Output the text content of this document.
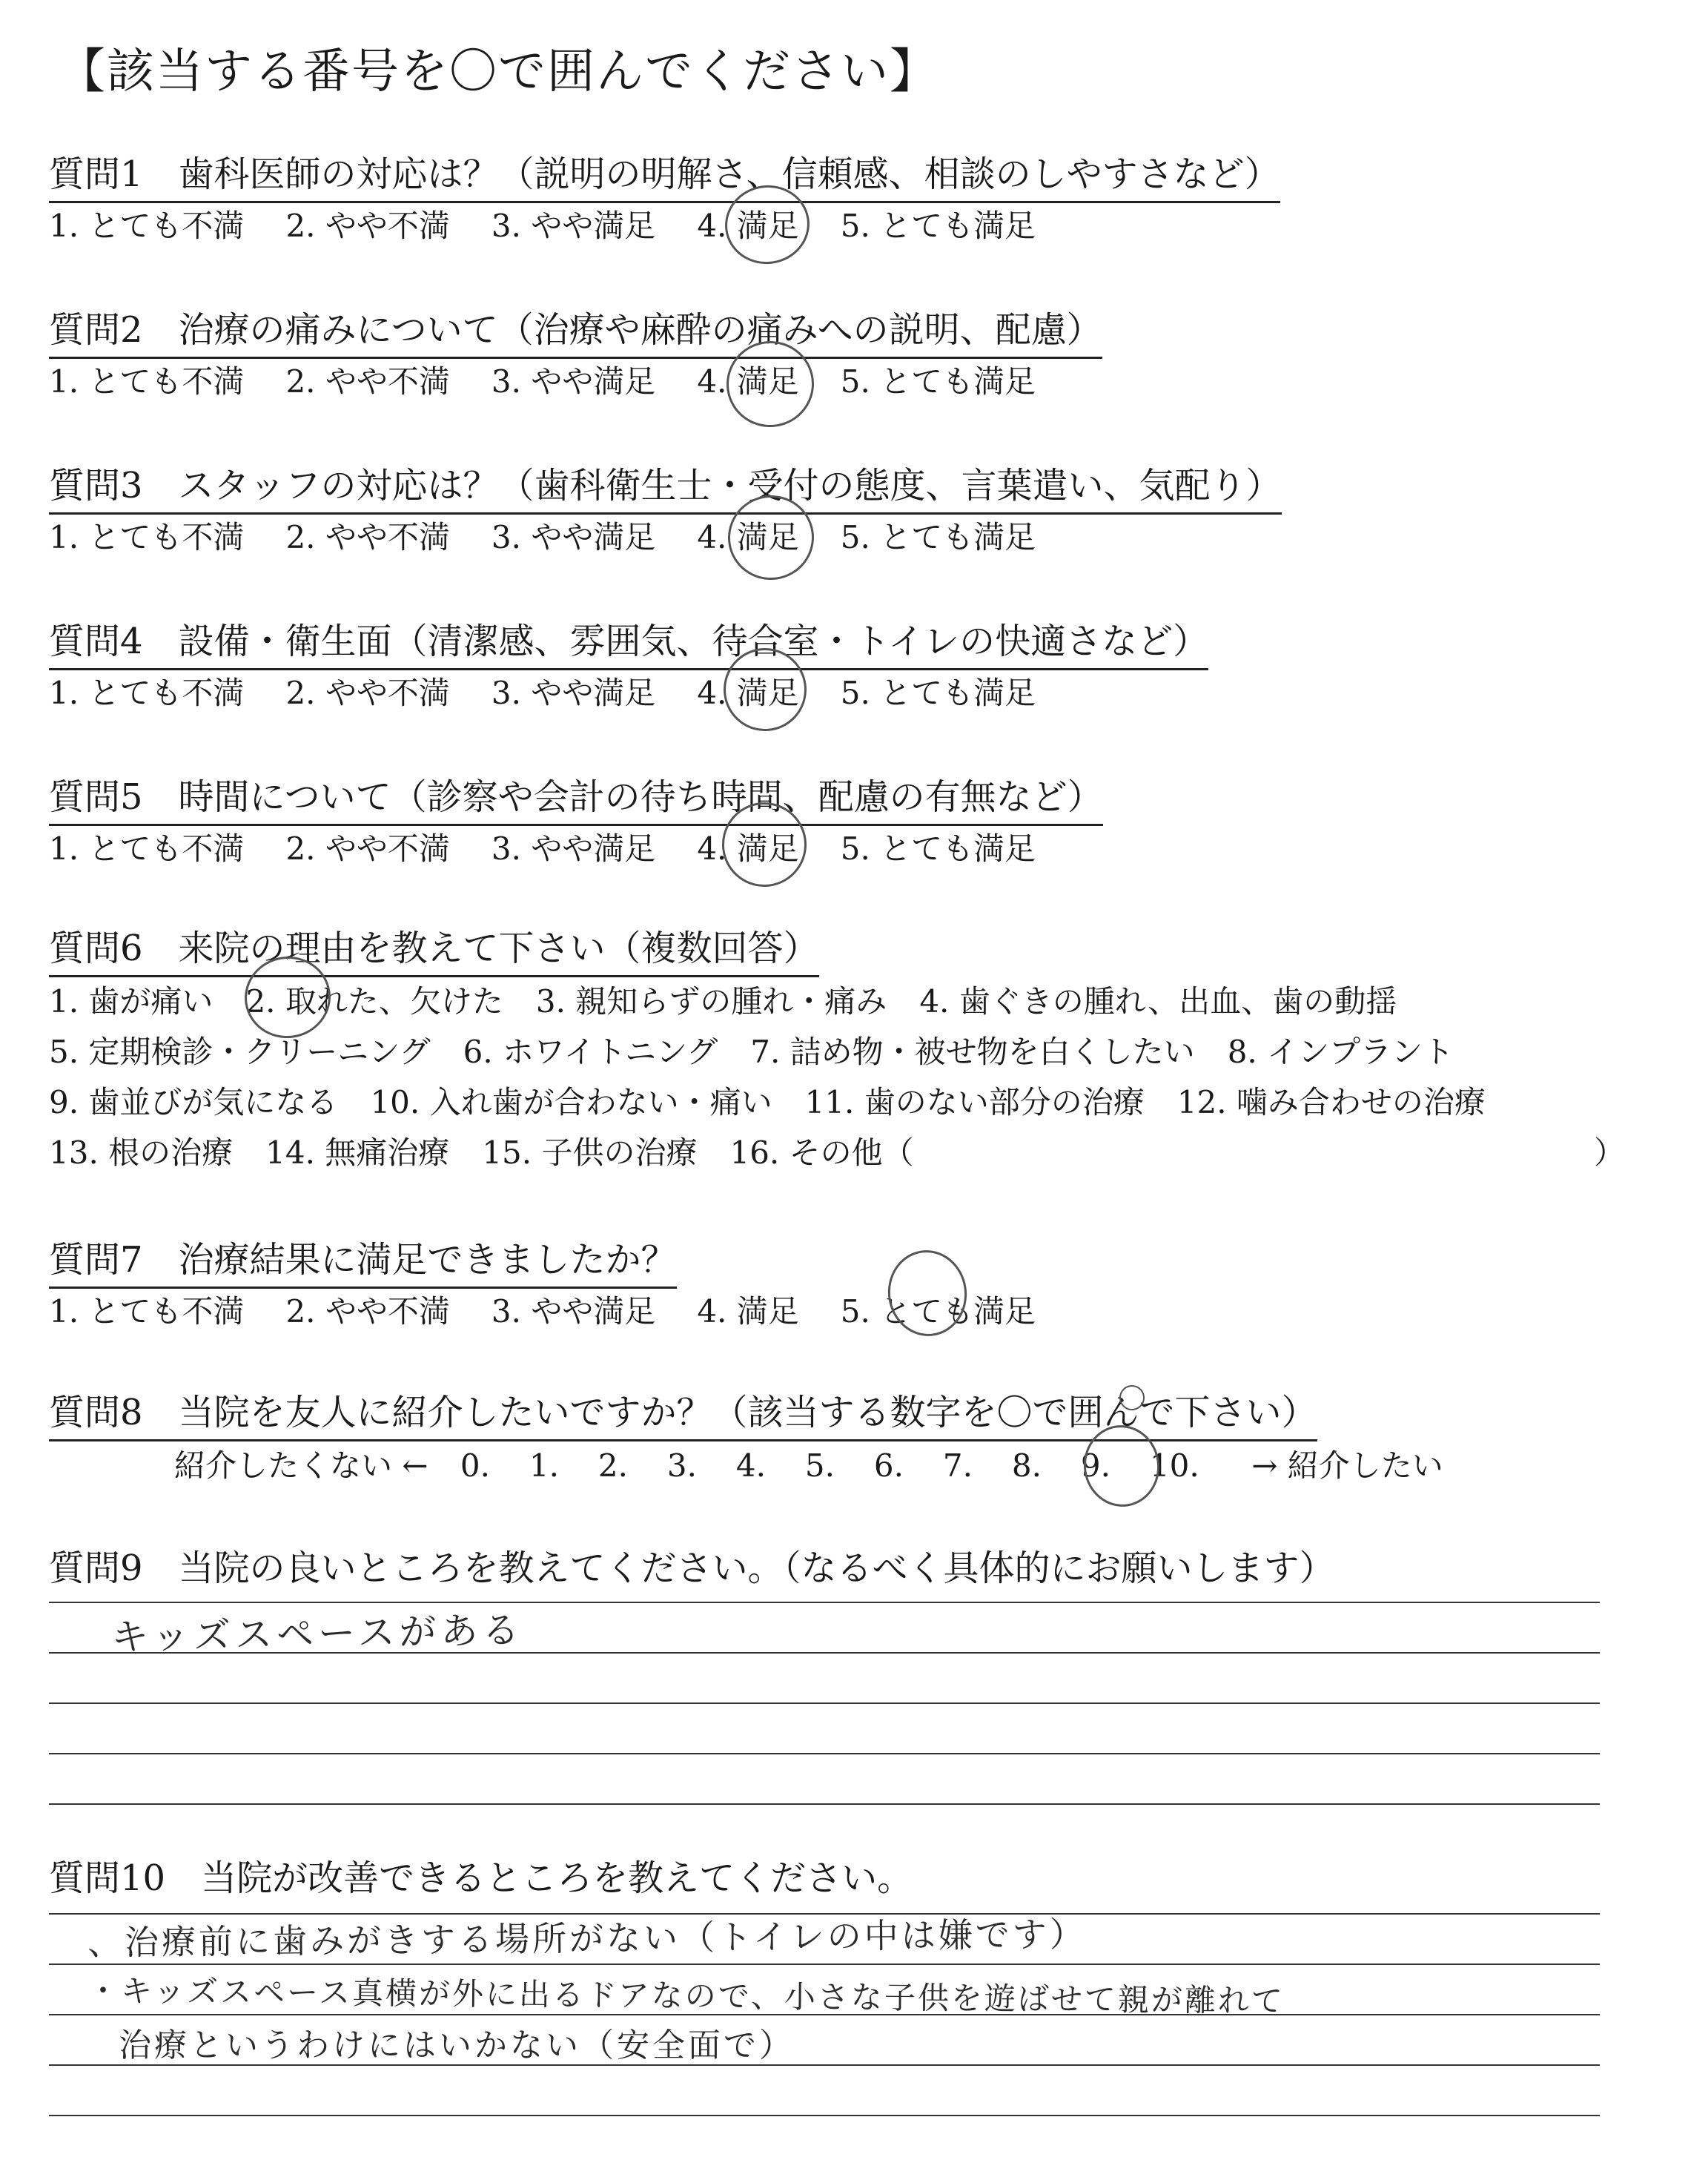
【該当する番号を〇で囲んでください】
質問1　歯科医師の対応は？（説明の明解さ、信頼感、相談のしやすさなど）
1. とても不満 2. やや不満 3. やや満足 4. 満足 5. とても満足
質問2　治療の痛みについて（治療や麻酔の痛みへの説明、配慮）
1. とても不満 2. やや不満 3. やや満足 4. 満足 5. とても満足
質問3　スタッフの対応は？（歯科衛生士・受付の態度、言葉遣い、気配り）
1. とても不満 2. やや不満 3. やや満足 4. 満足 5. とても満足
質問4　設備・衛生面（清潔感、雰囲気、待合室・トイレの快適さなど）
1. とても不満 2. やや不満 3. やや満足 4. 満足 5. とても満足
質問5　時間について（診察や会計の待ち時間、配慮の有無など）
1. とても不満 2. やや不満 3. やや満足 4. 満足 5. とても満足
質問6　来院の理由を教えて下さい（複数回答）
1. 歯が痛い 2. 取れた、欠けた 3. 親知らずの腫れ・痛み 4. 歯ぐきの腫れ、出血、歯の動揺
5. 定期検診・クリーニング 6. ホワイトニング 7. 詰め物・被せ物を白くしたい 8. インプラント
9. 歯並びが気になる 10. 入れ歯が合わない・痛い 11. 歯のない部分の治療 12. 噛み合わせの治療
13. 根の治療 14. 無痛治療 15. 子供の治療 16. その他（	）
質問7　治療結果に満足できましたか？
1. とても不満 2. やや不満 3. やや満足 4. 満足 5. とても満足
質問8　当院を友人に紹介したいですか？（該当する数字を〇で囲んで下さい）
紹介したくない ← 0. 1. 2. 3. 4. 5. 6. 7. 8. 9. 10. → 紹介したい
質問9　当院の良いところを教えてください。（なるべく具体的にお願いします）
キッズスペースがある
質問10　当院が改善できるところを教えてください。
、治療前に歯みがきする場所がない（トイレの中は嫌です）
・キッズスペース真横が外に出るドアなので、小さな子供を遊ばせて親が離れて
治療というわけにはいかない（安全面で）
